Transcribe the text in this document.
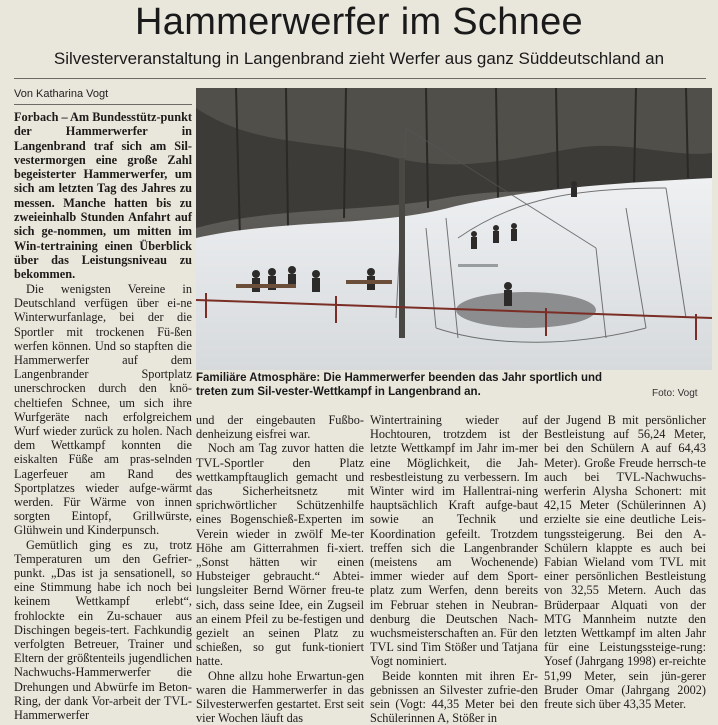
Hammerwerfer im Schnee
Silvesterveranstaltung in Langenbrand zieht Werfer aus ganz Süddeutschland an
Von Katharina Vogt
Forbach – Am Bundesstütz-punkt der Hammerwerfer in Langenbrand traf sich am Sil-vestermorgen eine große Zahl begeisterter Hammerwerfer, um sich am letzten Tag des Jahres zu messen. Manche hatten bis zu zweieinhalb Stunden Anfahrt auf sich ge-nommen, um mitten im Win-tertraining einen Überblick über das Leistungsniveau zu bekommen.

Die wenigsten Vereine in Deutschland verfügen über ei-ne Winterwurfanlage, bei der die Sportler mit trockenen Fü-ßen werfen können. Und so stapften die Hammerwerfer auf dem Langenbrander Sportplatz unerschrocken durch den knö-cheltiefen Schnee, um sich ihre Wurfgeräte nach erfolgreichem Wurf wieder zurück zu holen. Nach dem Wettkampf konnten die eiskalten Füße am pras-selnden Lagerfeuer am Rand des Sportplatzes wieder aufge-wärmt werden. Für Wärme von innen sorgten Eintopf, Grillwürste, Glühwein und Kinderpunsch.

Gemütlich ging es zu, trotz Temperaturen um den Gefrier-punkt. „Das ist ja sensationell, so eine Stimmung habe ich noch bei keinem Wettkampf erlebt“, frohlockte ein Zu-schauer aus Dischingen begeis-tert. Fachkundig verfolgten Betreuer, Trainer und Eltern der größtenteils jugendlichen Nachwuchs-Hammerwerfer die Drehungen und Abwürfe im Beton-Ring, der dank Vor-arbeit der TVL-Hammerwerfer

Familiäre Atmosphäre: Die Hammerwerfer beenden das Jahr sportlich und treten zum Sil-vester-Wettkampf in Langenbrand an.	Foto: Vogt

und der eingebauten Fußbo-denheizung eisfrei war.

Noch am Tag zuvor hatten die TVL-Sportler den Platz wettkampftauglich gemacht und das Sicherheitsnetz mit sprichwörtlicher Schützenhilfe eines Bogenschieß-Experten im Verein wieder in zwölf Me-ter Höhe am Gitterrahmen fi-xiert. „Sonst hätten wir einen Hubsteiger gebraucht.“ Abtei-lungsleiter Bernd Wörner freu-te sich, dass seine Idee, ein Zugseil an einem Pfeil zu be-festigen und gezielt an seinen Platz zu schießen, so gut funk-tioniert hatte.

Ohne allzu hohe Erwartun-gen waren die Hammerwerfer in das Silvesterwerfen gestartet. Erst seit vier Wochen läuft das

Wintertraining wieder auf Hochtouren, trotzdem ist der letzte Wettkampf im Jahr im-mer eine Möglichkeit, die Jah-resbestleistung zu verbessern. Im Winter wird im Hallentrai-ning hauptsächlich Kraft aufge-baut sowie an Technik und Koordination gefeilt. Trotzdem treffen sich die Langenbrander (meistens am Wochenende) immer wieder auf dem Sport-platz zum Werfen, denn bereits im Februar stehen in Neubran-denburg die Deutschen Nach-wuchsmeisterschaften an. Für den TVL sind Tim Stößer und Tatjana Vogt nominiert.

Beide konnten mit ihren Er-gebnissen an Silvester zufrie-den sein (Vogt: 44,35 Meter bei den Schülerinnen A, Stößer in

der Jugend B mit persönlicher Bestleistung auf 56,24 Meter, bei den Schülern A auf 64,43 Meter). Große Freude herrsch-te auch bei TVL-Nachwuchs-werferin Alysha Schonert: mit 42,15 Meter (Schülerinnen A) erzielte sie eine deutliche Leis-tungssteigerung. Bei den A-Schülern klappte es auch bei Fabian Wieland vom TVL mit einer persönlichen Bestleistung von 32,55 Metern. Auch das Brüderpaar Alquati von der MTG Mannheim nutzte den letzten Wettkampf im alten Jahr für eine Leistungssteige-rung: Yosef (Jahrgang 1998) er-reichte 51,99 Meter, sein jün-gerer Bruder Omar (Jahrgang 2002) freute sich über 43,35 Meter.
